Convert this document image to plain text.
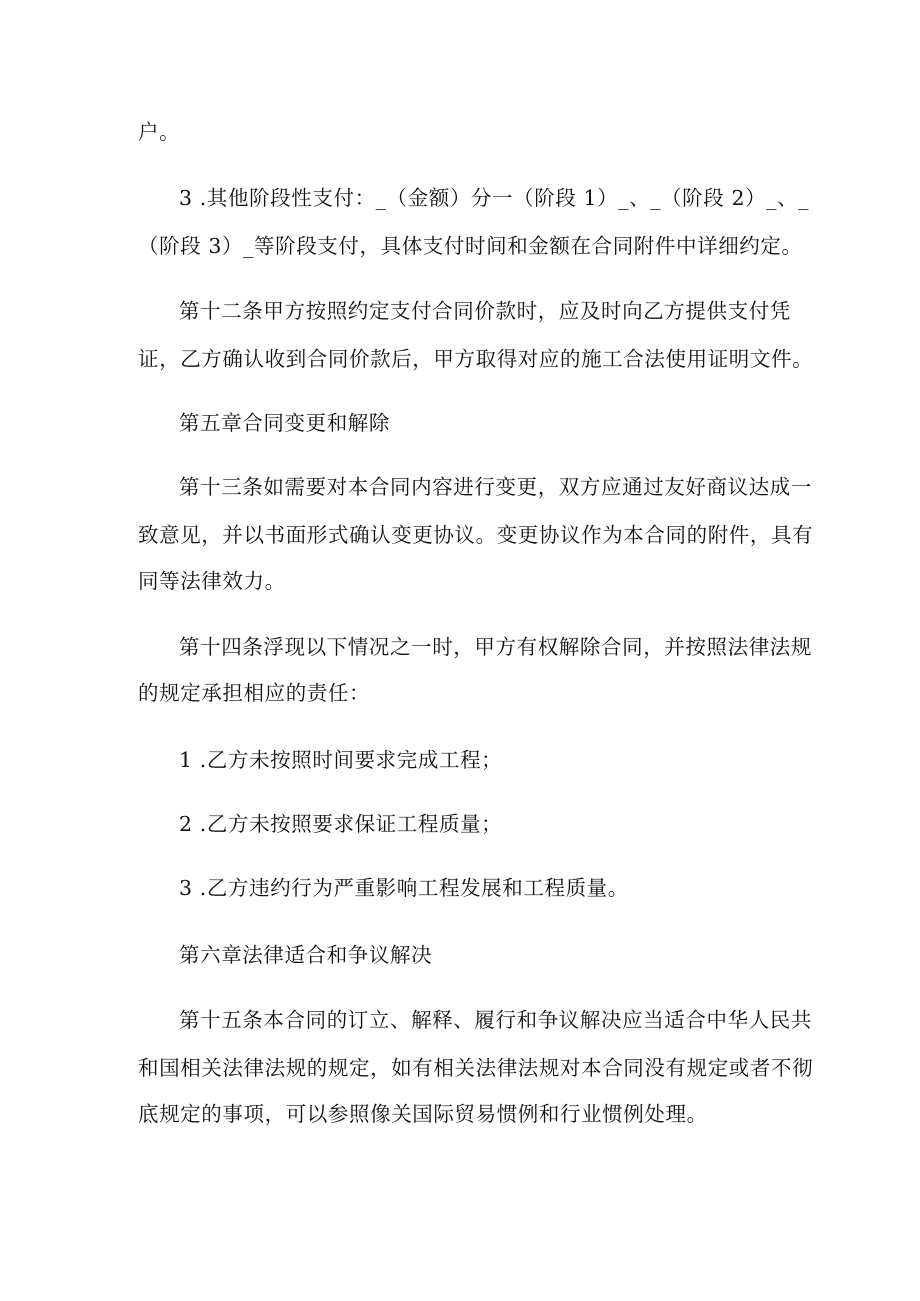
户。
3 .其他阶段性支付：_（金额）分一（阶段 1）_、_（阶段 2）_、_
（阶段 3）_等阶段支付，具体支付时间和金额在合同附件中详细约定。
第十二条甲方按照约定支付合同价款时，应及时向乙方提供支付凭
证，乙方确认收到合同价款后，甲方取得对应的施工合法使用证明文件。
第五章合同变更和解除
第十三条如需要对本合同内容进行变更，双方应通过友好商议达成一
致意见，并以书面形式确认变更协议。变更协议作为本合同的附件，具有
同等法律效力。
第十四条浮现以下情况之一时，甲方有权解除合同，并按照法律法规
的规定承担相应的责任：
1 .乙方未按照时间要求完成工程；
2 .乙方未按照要求保证工程质量；
3 .乙方违约行为严重影响工程发展和工程质量。
第六章法律适合和争议解决
第十五条本合同的订立、解释、履行和争议解决应当适合中华人民共
和国相关法律法规的规定，如有相关法律法规对本合同没有规定或者不彻
底规定的事项，可以参照像关国际贸易惯例和行业惯例处理。
